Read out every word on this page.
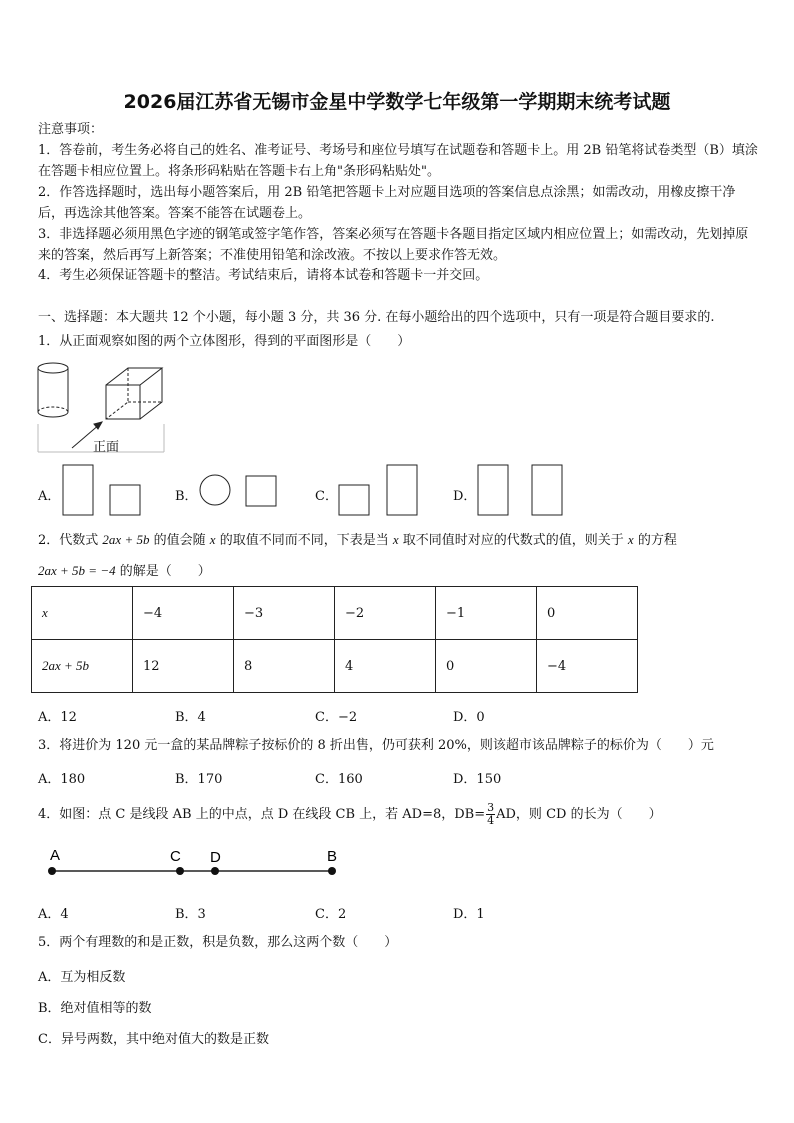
2026届江苏省无锡市金星中学数学七年级第一学期期末统考试题
注意事项：
1．答卷前，考生务必将自己的姓名、准考证号、考场号和座位号填写在试题卷和答题卡上。用 2B 铅笔将试卷类型（B）填涂在答题卡相应位置上。将条形码粘贴在答题卡右上角"条形码粘贴处"。
2．作答选择题时，选出每小题答案后，用 2B 铅笔把答题卡上对应题目选项的答案信息点涂黑；如需改动，用橡皮擦干净后，再选涂其他答案。答案不能答在试题卷上。
3．非选择题必须用黑色字迹的钢笔或签字笔作答，答案必须写在答题卡各题目指定区域内相应位置上；如需改动，先划掉原来的答案，然后再写上新答案；不准使用铅笔和涂改液。不按以上要求作答无效。
4．考生必须保证答题卡的整洁。考试结束后，请将本试卷和答题卡一并交回。
一、选择题：本大题共 12 个小题，每小题 3 分，共 36 分. 在每小题给出的四个选项中，只有一项是符合题目要求的.
1．从正面观察如图的两个立体图形，得到的平面图形是（　　）
正面
A．	B．	C．	D．
2．代数式 2ax + 5b 的值会随 x 的取值不同而不同，下表是当 x 取不同值时对应的代数式的值，则关于 x 的方程
2ax + 5b = −4 的解是（　　）
x	−4	−3	−2	−1	0
2ax + 5b	12	8	4	0	−4
A．12	B．4	C．−2	D．0
3．将进价为 120 元一盒的某品牌粽子按标价的 8 折出售，仍可获利 20%，则该超市该品牌粽子的标价为（　　）元
A．180	B．170	C．160	D．150
4．如图：点 C 是线段 AB 上的中点，点 D 在线段 CB 上，若 AD=8，$DB= \frac{3}{4}$ AD，则 CD 的长为（　　）
A	C D	B
A．4	B．3	C．2	D．1
5．两个有理数的和是正数，积是负数，那么这两个数（　　）
A．互为相反数
B．绝对值相等的数
C．异号两数，其中绝对值大的数是正数
